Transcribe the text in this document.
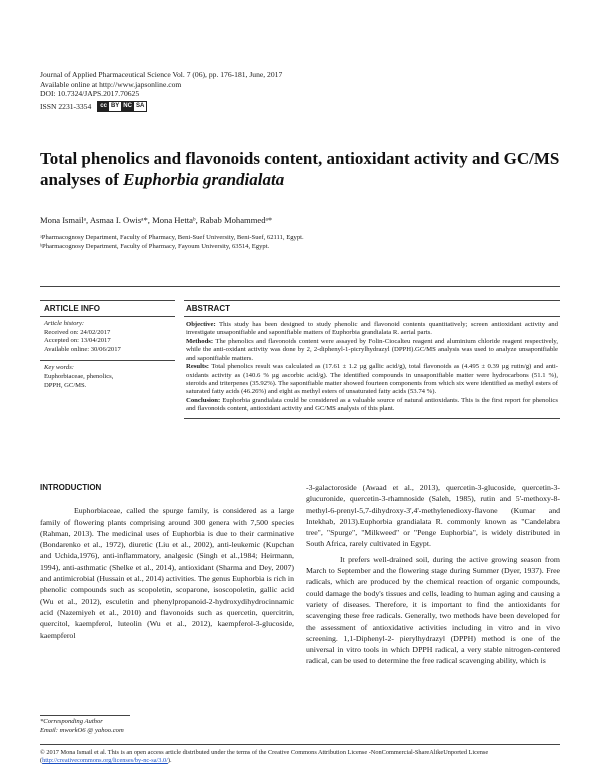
Journal of Applied Pharmaceutical Science Vol. 7 (06), pp. 176-181, June, 2017
Available online at http://www.japsonline.com
DOI: 10.7324/JAPS.2017.70625
ISSN 2231-3354	cc BY NC SA
Total phenolics and flavonoids content, antioxidant activity and GC/MS analyses of Euphorbia grandialata
Mona Ismailᵃ, Asmaa I. Owisᵃ*, Mona Hettaᵇ, Rabab Mohammedᵃ*
ᵃPharmacognosy Department, Faculty of Pharmacy, Beni-Suef University, Beni-Suef, 62111, Egypt.
ᵇPharmacognosy Department, Faculty of Pharmacy, Fayoum University, 63514, Egypt.
ARTICLE INFO
Article history:
Received on: 24/02/2017
Accepted on: 13/04/2017
Available online: 30/06/2017
Key words:
Euphorbiaceae, phenolics,
DPPH, GC/MS.
ABSTRACT

Objective: This study has been designed to study phenolic and flavonoid contents quantitatively; screen antioxidant activity and investigate unsaponifiable and saponifiable matters of Euphorbia grandialata R. aerial parts.

Methods: The phenolics and flavonoids content were assayed by Folin-Ciocalteu reagent and aluminium chloride reagent respectively, while the anti-oxidant activity was done by 2, 2-diphenyl-1-picrylhydrazyl (DPPH).GC/MS analysis was used to analyze unsaponifiable and saponifiable matters.

Results: Total phenolics result was calculated as (17.61 ± 1.2 µg gallic acid/g), total flavonoids as (4.495 ± 0.39 µg rutin/g) and anti-oxidants activity as (140.6 % µg ascorbic acid/g). The identified compounds in unsaponifiable matter were hydrocarbons (51.1 %), steroids and triterpenes (35.92%). The saponifiable matter showed fourteen components from which six were identified as methyl esters of saturated fatty acids (46.26%) and eight as methyl esters of unsaturated fatty acids (53.74 %).

Conclusion: Euphorbia grandialata could be considered as a valuable source of natural antioxidants. This is the first report for phenolics and flavonoids content, antioxidant activity and GC/MS analysis of this plant.

INTRODUCTION

Euphorbiaceae, called the spurge family, is considered as a large family of flowering plants comprising around 300 genera with 7,500 species (Rahman, 2013). The medicinal uses of Euphorbia is due to their carminative (Bondarenko et al., 1972), diuretic (Liu et al., 2002), anti-leukemic (Kupchan and Uchida,1976), anti-inflammatory, analgesic (Singh et al.,1984; Heirmann, 1994), anti-asthmatic (Shelke et al., 2014), antioxidant (Sharma and Dey, 2007) and antimicrobial (Hussain et al., 2014) activities. The genus Euphorbia is rich in phenolic compounds such as scopoletin, scoparone, isoscopoletin, gallic acid (Wu et al., 2012), esculetin and phenylpropanoid-2-hydroxydihydrocinnamic acid (Nazemiyeh et al., 2010) and flavonoids such as quercetin, quercitrin, quercitol, kaempferol, luteolin (Wu et al., 2012), kaempferol-3-glucoside, kaempferol

-3-galactoroside (Awaad et al., 2013), quercetin-3-glucoside, quercetin-3-glucuronide, quercetin-3-rhamnoside (Saleh, 1985), rutin and 5'-methoxy-8-methyl-6-prenyl-5,7-dihydroxy-3',4'-methylenedioxy-flavone (Kumar and Intekhab, 2013).Euphorbia grandialata R. commonly known as "Candelabra tree", "Spurge", "Milkweed" or "Penge Euphorbia", is widely distributed in South Africa, rarely cultivated in Egypt.

It prefers well-drained soil, during the active growing season from March to September and the flowering stage during Summer (Dyer, 1937). Free radicals, which are produced by the chemical reaction of organic compounds, could damage the body's tissues and cells, leading to human aging and causing a variety of diseases. Therefore, it is important to find the antioxidants for scavenging these free radicals. Generally, two methods have been developed for the assessment of antioxidative activities including in vitro and in vivo screening. 1,1-Diphenyl-2- pierylhydrazyl (DPPH) method is one of the universal in vitro tools in which DPPH radical, a very stable nitrogen-centered radical, can be used to determine the free radical scavenging ability, which is

*Corresponding Author
Email: mworkO6 @ yahoo.com
© 2017 Mona Ismail et al. This is an open access article distributed under the terms of the Creative Commons Attribution License -NonCommercial-ShareAlikeUnported License (http://creativecommons.org/licenses/by-nc-sa/3.0/).
